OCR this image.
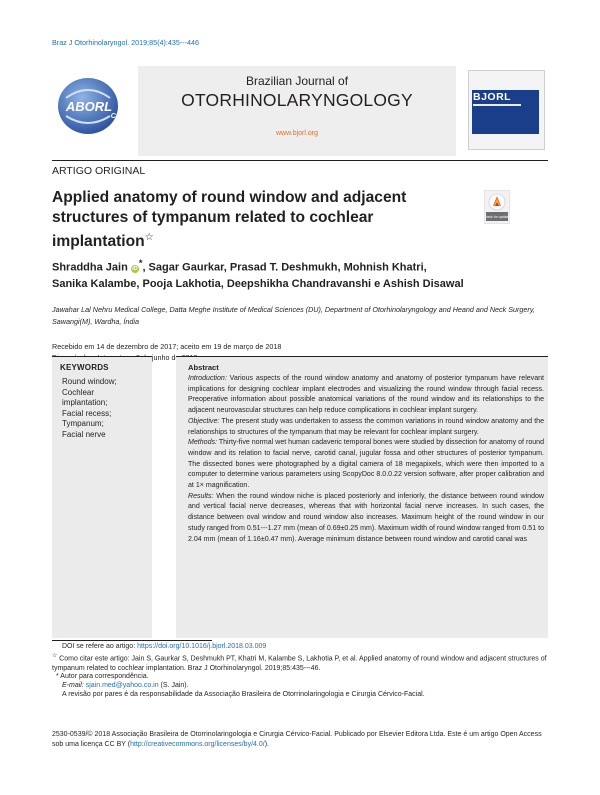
Braz J Otorhinolaryngol. 2019;85(4):435---446
ABORL
CCF
Brazilian Journal of
OTORHINOLARYNGOLOGY
www.bjorl.org
BJORL
ARTIGO ORIGINAL
Applied anatomy of round window and adjacent structures of tympanum related to cochlear implantation☆
Check for updates
Shraddha Jain iD*, Sagar Gaurkar, Prasad T. Deshmukh, Mohnish Khatri,
Sanika Kalambe, Pooja Lakhotia, Deepshikha Chandravanshi e Ashish Disawal
Jawahar Lal Nehru Medical College, Datta Meghe Institute of Medical Sciences (DU), Department of Otorhinolaryngology and Heand and Neck Surgery, Sawangi(M), Wardha, Índia
Recebido em 14 de dezembro de 2017; aceito em 19 de março de 2018
junho
KEYWORDS
Round window;
Cochlear
implantation;
Facial recess;
Tympanum;
Facial nerve
Abstract

Introduction: Various aspects of the round window anatomy and anatomy of posterior tympanum have relevant implications for designing cochlear implant electrodes and visualizing the round window through facial recess. Preoperative information about possible anatomical variations of the round window and its relationships to the adjacent neurovascular structures can help reduce complications in cochlear implant surgery.

Objective: The present study was undertaken to assess the common variations in round window anatomy and the relationships to structures of the tympanum that may be relevant for cochlear implant surgery.

Methods: Thirty-five normal wet human cadaveric temporal bones were studied by dissection for anatomy of round window and its relation to facial nerve, carotid canal, jugular fossa and other structures of posterior tympanum. The dissected bones were photographed by a digital camera of 18 megapixels, which were then imported to a computer to determine various parameters using ScopyDoc 8.0.0.22 version software, after proper calibration and at 1× magnification.

Results: When the round window niche is placed posteriorly and inferiorly, the distance between round window and vertical facial nerve decreases, whereas that with horizontal facial nerve increases. In such cases, the distance between oval window and round window also increases. Maximum height of the round window in our study ranged from 0.51---1.27 mm (mean of 0.69±0.25 mm). Maximum width of round window ranged from 0.51 to 2.04 mm (mean of 1.16±0.47 mm). Average minimum distance between round window and carotid canal was

DOI se refere ao artigo: https://doi.org/10.1016/j.bjorl.2018.03.009
☆ Como citar este artigo: Jain S, Gaurkar S, Deshmukh PT, Khatri M, Kalambe S, Lakhotia P, et al. Applied anatomy of round window and adjacent structures of tympanum related to cochlear implantation. Braz J Otorhinolaryngol. 2019;85:435---46.
* Autor para correspondência.
E-mail: sjain.med@yahoo.co.in (S. Jain).
A revisão por pares é da responsabilidade da Associação Brasileira de Otorrinolaringologia e Cirurgia Cérvico-Facial.
2530-0539/© 2018 Associação Brasileira de Otorrinolaringologia e Cirurgia Cérvico-Facial. Publicado por Elsevier Editora Ltda. Este é um artigo Open Access sob uma licença CC BY (http://creativecommons.org/licenses/by/4.0/).
